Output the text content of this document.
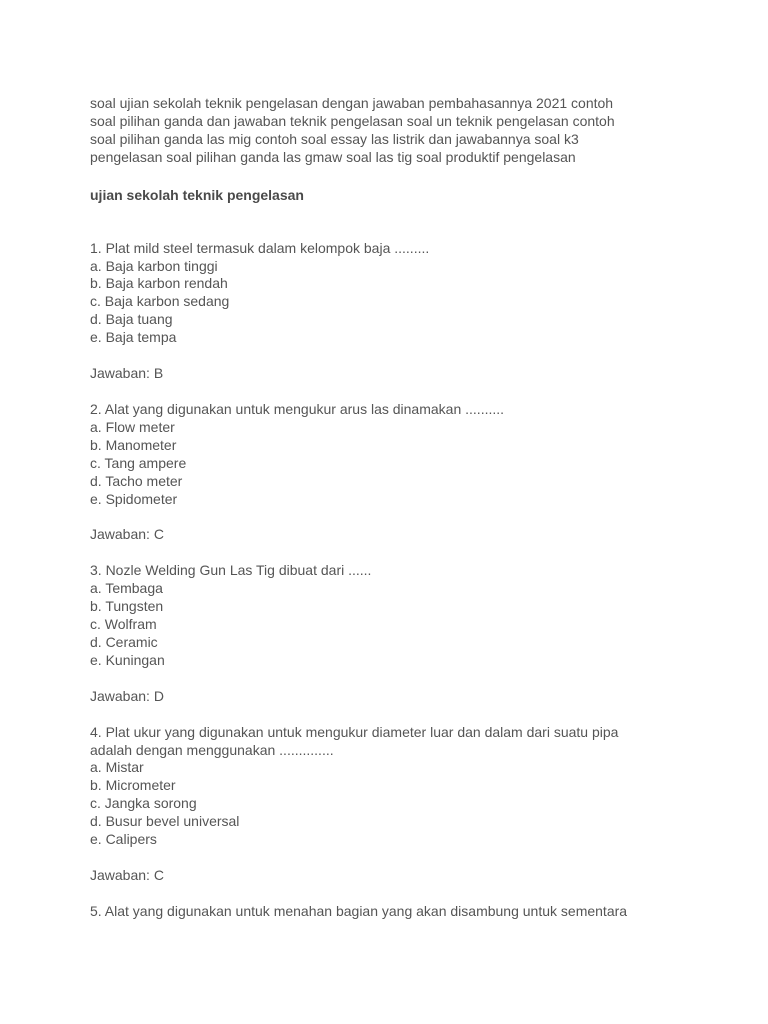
soal ujian sekolah teknik pengelasan dengan jawaban pembahasannya 2021 contoh
soal pilihan ganda dan jawaban teknik pengelasan soal un teknik pengelasan contoh
soal pilihan ganda las mig contoh soal essay las listrik dan jawabannya soal k3
pengelasan soal pilihan ganda las gmaw soal las tig soal produktif pengelasan

ujian sekolah teknik pengelasan
1. Plat mild steel termasuk dalam kelompok baja .........
a. Baja karbon tinggi
b. Baja karbon rendah
c. Baja karbon sedang
d. Baja tuang
e. Baja tempa
Jawaban: B
2. Alat yang digunakan untuk mengukur arus las dinamakan ..........
a. Flow meter
b. Manometer
c. Tang ampere
d. Tacho meter
e. Spidometer
Jawaban: C
3. Nozle Welding Gun Las Tig dibuat dari ......
a. Tembaga
b. Tungsten
c. Wolfram
d. Ceramic
e. Kuningan
Jawaban: D
4. Plat ukur yang digunakan untuk mengukur diameter luar dan dalam dari suatu pipa
adalah dengan menggunakan ..............
a. Mistar
b. Micrometer
c. Jangka sorong
d. Busur bevel universal
e. Calipers
Jawaban: C
5. Alat yang digunakan untuk menahan bagian yang akan disambung untuk sementara
